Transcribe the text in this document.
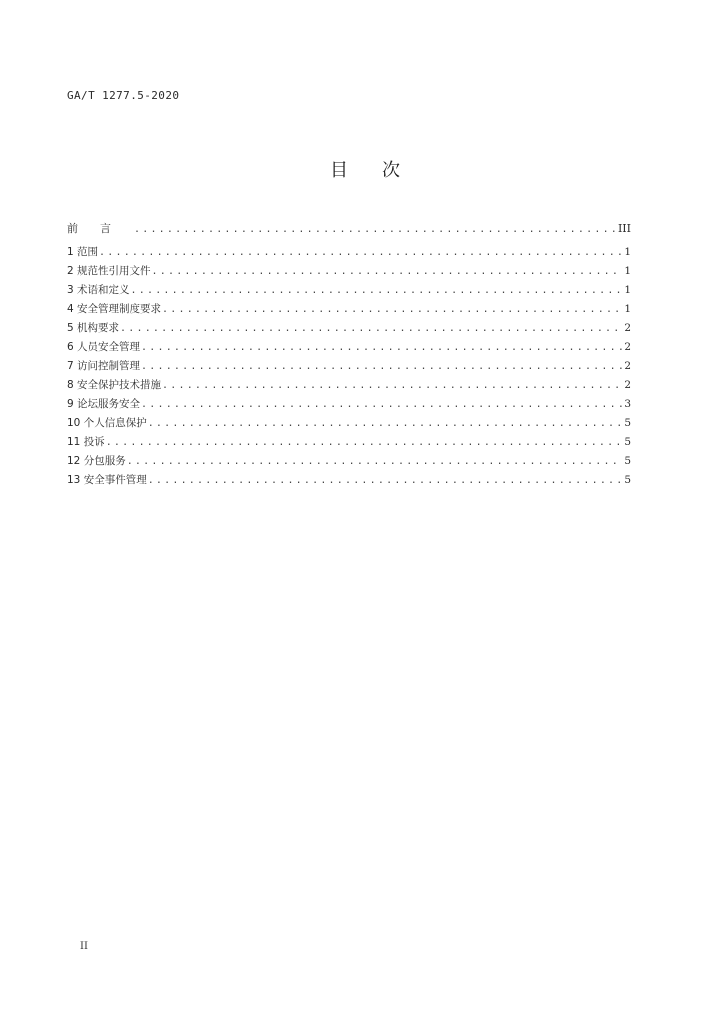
GA/T 1277.5-2020
目次
前言 .....	III
1 范围 .....	1
2 规范性引用文件 .....	1
3 术语和定义 .....	1
4 安全管理制度要求 .....	1
5 机构要求 .....	2
6 人员安全管理 .....	2
7 访问控制管理 .....	2
8 安全保护技术措施 .....	2
9 论坛服务安全 .....	3
10 个人信息保护 .....	5
11 投诉 .....	5
12 分包服务 .....	5
13 安全事件管理 .....	5
II
